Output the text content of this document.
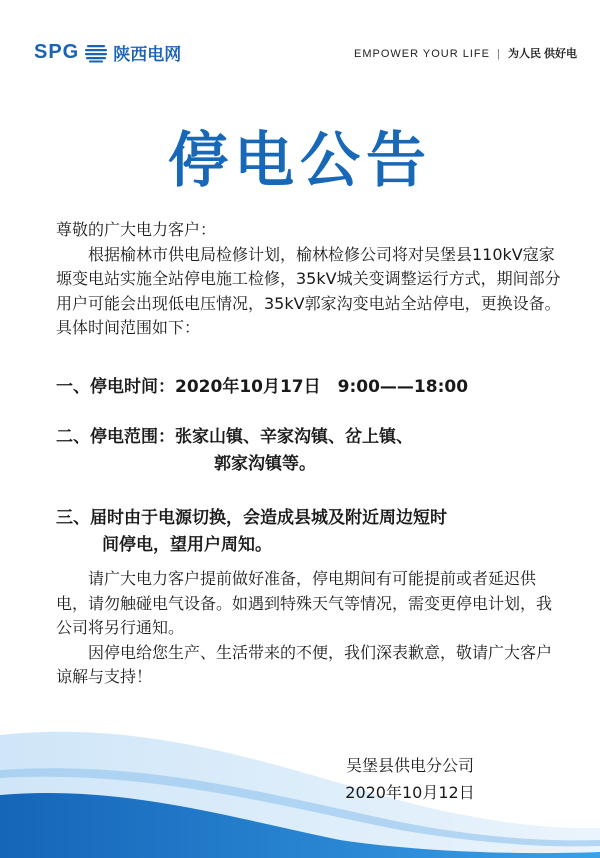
SPG 陕西电网	EMPOWER YOUR LIFE | 为人民 供好电
停电公告

尊敬的广大电力客户：

根据榆林市供电局检修计划，榆林检修公司将对吴堡县110kV寇家塬变电站实施全站停电施工检修，35kV城关变调整运行方式，期间部分用户可能会出现低电压情况，35kV郭家沟变电站全站停电，更换设备。具体时间范围如下：

一、停电时间：2020年10月17日　9:00——18:00
二、停电范围：张家山镇、辛家沟镇、岔上镇、
郭家沟镇等。
三、届时由于电源切换，会造成县城及附近周边短时
间停电，望用户周知。

请广大电力客户提前做好准备，停电期间有可能提前或者延迟供电，请勿触碰电气设备。如遇到特殊天气等情况，需变更停电计划，我公司将另行通知。

因停电给您生产、生活带来的不便，我们深表歉意，敬请广大客户谅解与支持！

吴堡县供电分公司
2020年10月12日
